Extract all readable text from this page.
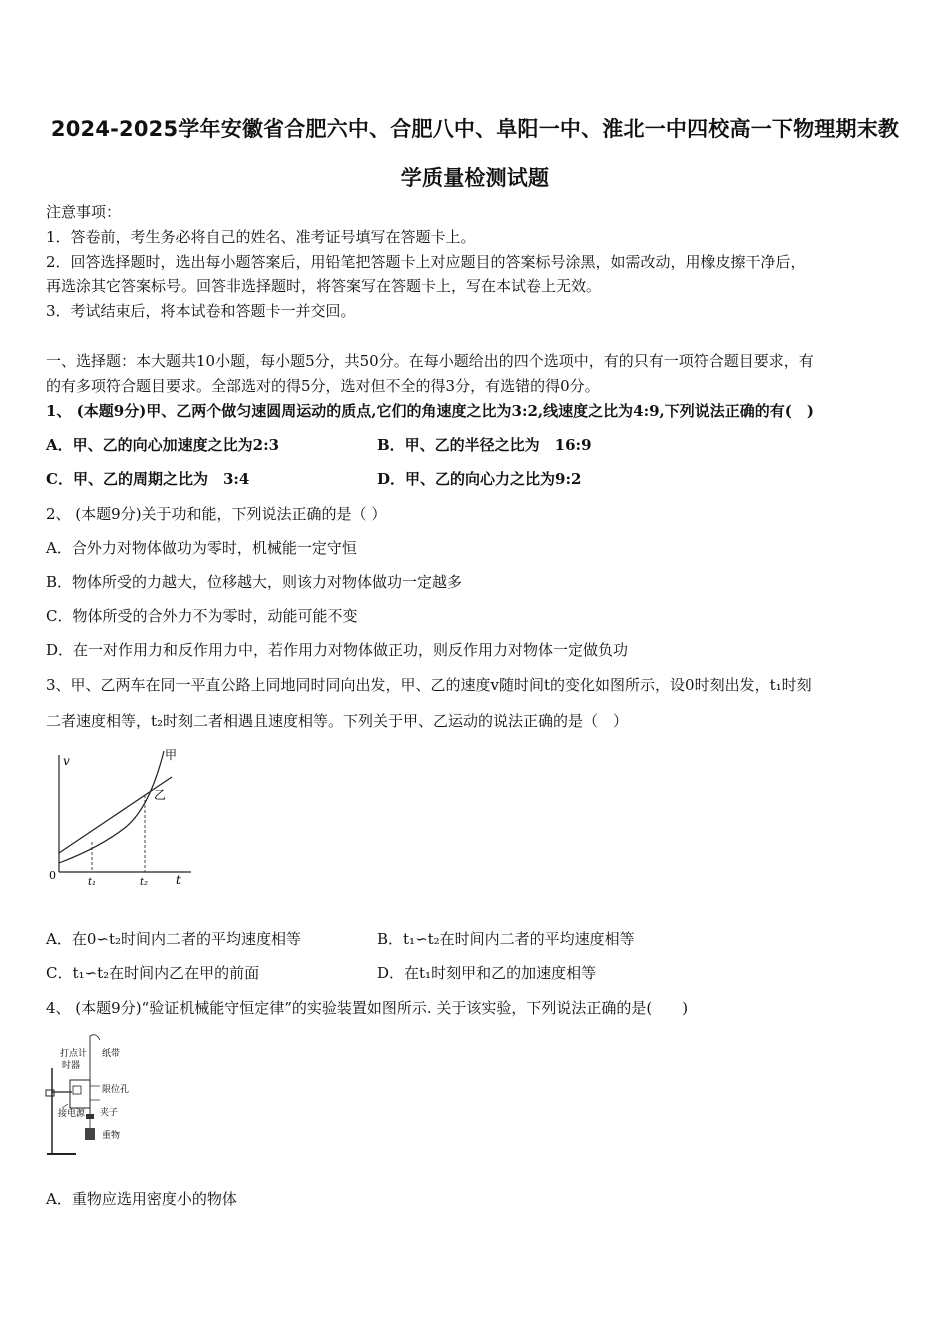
2024-2025学年安徽省合肥六中、合肥八中、阜阳一中、淮北一中四校高一下物理期末教
学质量检测试题
注意事项：
1．答卷前，考生务必将自己的姓名、准考证号填写在答题卡上。
2．回答选择题时，选出每小题答案后，用铅笔把答题卡上对应题目的答案标号涂黑，如需改动，用橡皮擦干净后，
再选涂其它答案标号。回答非选择题时，将答案写在答题卡上，写在本试卷上无效。
3．考试结束后，将本试卷和答题卡一并交回。
一、选择题：本大题共10小题，每小题5分，共50分。在每小题给出的四个选项中，有的只有一项符合题目要求，有
的有多项符合题目要求。全部选对的得5分，选对但不全的得3分，有选错的得0分。
1、 (本题9分)甲、乙两个做匀速圆周运动的质点,它们的角速度之比为3:2,线速度之比为4:9,下列说法正确的有(　)
A．甲、乙的向心加速度之比为2:3	B．甲、乙的半径之比为　16:9
C．甲、乙的周期之比为　3:4	D．甲、乙的向心力之比为9:2
2、 (本题9分)关于功和能，下列说法正确的是（ ）
A．合外力对物体做功为零时，机械能一定守恒
B．物体所受的力越大，位移越大，则该力对物体做功一定越多
C．物体所受的合外力不为零时，动能可能不变
D．在一对作用力和反作用力中，若作用力对物体做正功，则反作用力对物体一定做负功
3、甲、乙两车在同一平直公路上同地同时同向出发，甲、乙的速度v随时间t的变化如图所示，设0时刻出发，t₁时刻
二者速度相等，t₂时刻二者相遇且速度相等。下列关于甲、乙运动的说法正确的是（　）
v
t
0
t₁	t₂
甲
乙
A．在0∽t₂时间内二者的平均速度相等	B．t₁∽t₂在时间内二者的平均速度相等
C．t₁∽t₂在时间内乙在甲的前面	D．在t₁时刻甲和乙的加速度相等
4、 (本题9分)“验证机械能守恒定律”的实验装置如图所示. 关于该实验，下列说法正确的是(　　)
打点计
时器
纸带
限位孔
接电源 夹子
重物
A．重物应选用密度小的物体
